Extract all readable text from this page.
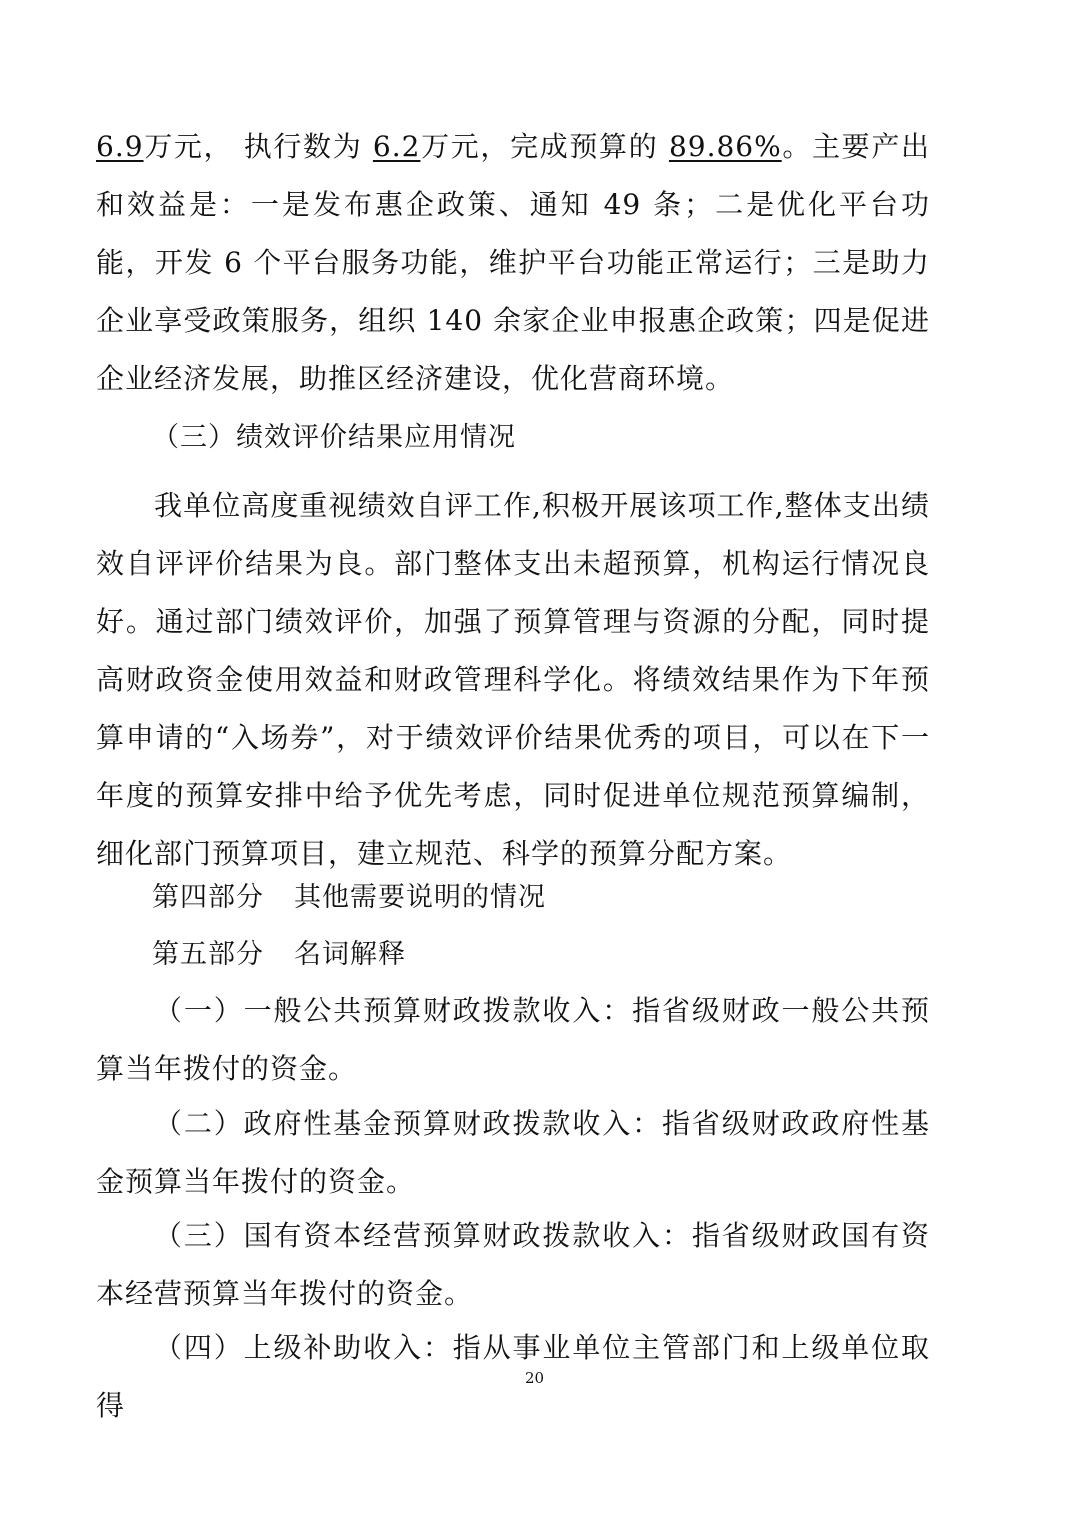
6.9万元， 执行数为 6.2万元，完成预算的 89.86%。主要产出和效益是：一是发布惠企政策、通知 49 条；二是优化平台功能，开发 6 个平台服务功能，维护平台功能正常运行；三是助力企业享受政策服务，组织 140 余家企业申报惠企政策；四是促进企业经济发展，助推区经济建设，优化营商环境。
（三）绩效评价结果应用情况
我单位高度重视绩效自评工作,积极开展该项工作,整体支出绩效自评评价结果为良。部门整体支出未超预算，机构运行情况良好。通过部门绩效评价，加强了预算管理与资源的分配，同时提高财政资金使用效益和财政管理科学化。将绩效结果作为下年预算申请的“入场券”，对于绩效评价结果优秀的项目，可以在下一年度的预算安排中给予优先考虑，同时促进单位规范预算编制，细化部门预算项目，建立规范、科学的预算分配方案。
第四部分 其他需要说明的情况
第五部分 名词解释
（一）一般公共预算财政拨款收入：指省级财政一般公共预算当年拨付的资金。
（二）政府性基金预算财政拨款收入：指省级财政政府性基金预算当年拨付的资金。
（三）国有资本经营预算财政拨款收入：指省级财政国有资本经营预算当年拨付的资金。
（四）上级补助收入：指从事业单位主管部门和上级单位取得
20
